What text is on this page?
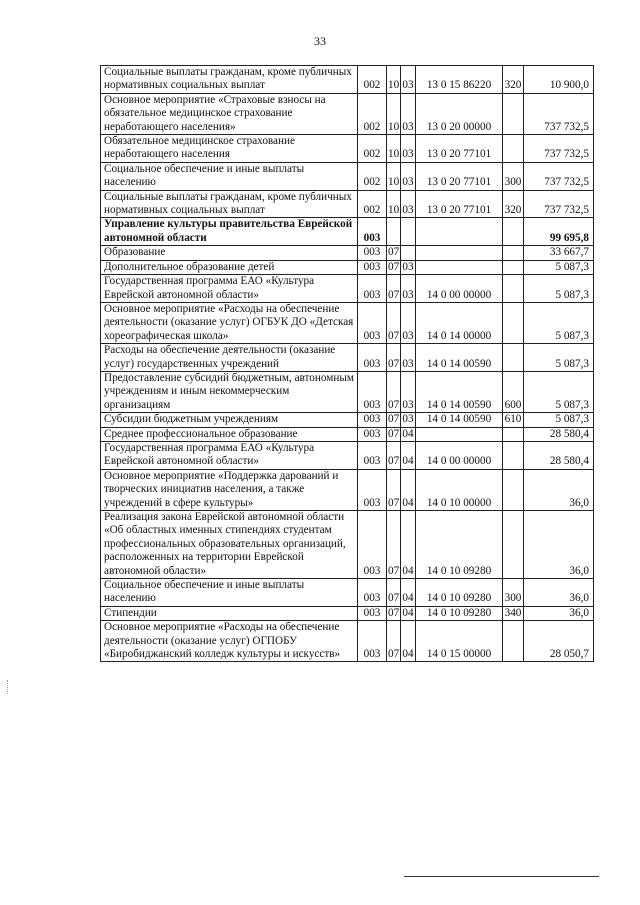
33
Социальные выплаты гражданам, кроме публичных нормативных социальных выплат	002	10	03	13 0 15 86220	320	10 900,0
Основное мероприятие «Страховые взносы на обязательное медицинское страхование неработающего населения»	002	10	03	13 0 20 00000		737 732,5
Обязательное медицинское страхование неработающего населения	002	10	03	13 0 20 77101		737 732,5
Социальное обеспечение и иные выплаты населению	002	10	03	13 0 20 77101	300	737 732,5
Социальные выплаты гражданам, кроме публичных нормативных социальных выплат	002	10	03	13 0 20 77101	320	737 732,5
Управление культуры правительства Еврейской автономной области	003					99 695,8
Образование	003	07				33 667,7
Дополнительное образование детей	003	07	03			5 087,3
Государственная программа ЕАО «Культура Еврейской автономной области»	003	07	03	14 0 00 00000		5 087,3
Основное мероприятие «Расходы на обеспечение деятельности (оказание услуг) ОГБУК ДО «Детская хореографическая школа»	003	07	03	14 0 14 00000		5 087,3
Расходы на обеспечение деятельности (оказание услуг) государственных учреждений	003	07	03	14 0 14 00590		5 087,3
Предоставление субсидий бюджетным, автономным учреждениям и иным некоммерческим организациям	003	07	03	14 0 14 00590	600	5 087,3
Субсидии бюджетным учреждениям	003	07	03	14 0 14 00590	610	5 087,3
Среднее профессиональное образование	003	07	04			28 580,4
Государственная программа ЕАО «Культура Еврейской автономной области»	003	07	04	14 0 00 00000		28 580,4
Основное мероприятие «Поддержка дарований и творческих инициатив населения, а также учреждений в сфере культуры»	003	07	04	14 0 10 00000		36,0
Реализация закона Еврейской автономной области «Об областных именных стипендиях студентам профессиональных образовательных организаций, расположенных на территории Еврейской автономной области»	003	07	04	14 0 10 09280		36,0
Социальное обеспечение и иные выплаты населению	003	07	04	14 0 10 09280	300	36,0
Стипендии	003	07	04	14 0 10 09280	340	36,0
Основное мероприятие «Расходы на обеспечение деятельности (оказание услуг) ОГПОБУ «Биробиджанский колледж культуры и искусств»	003	07	04	14 0 15 00000		28 050,7
